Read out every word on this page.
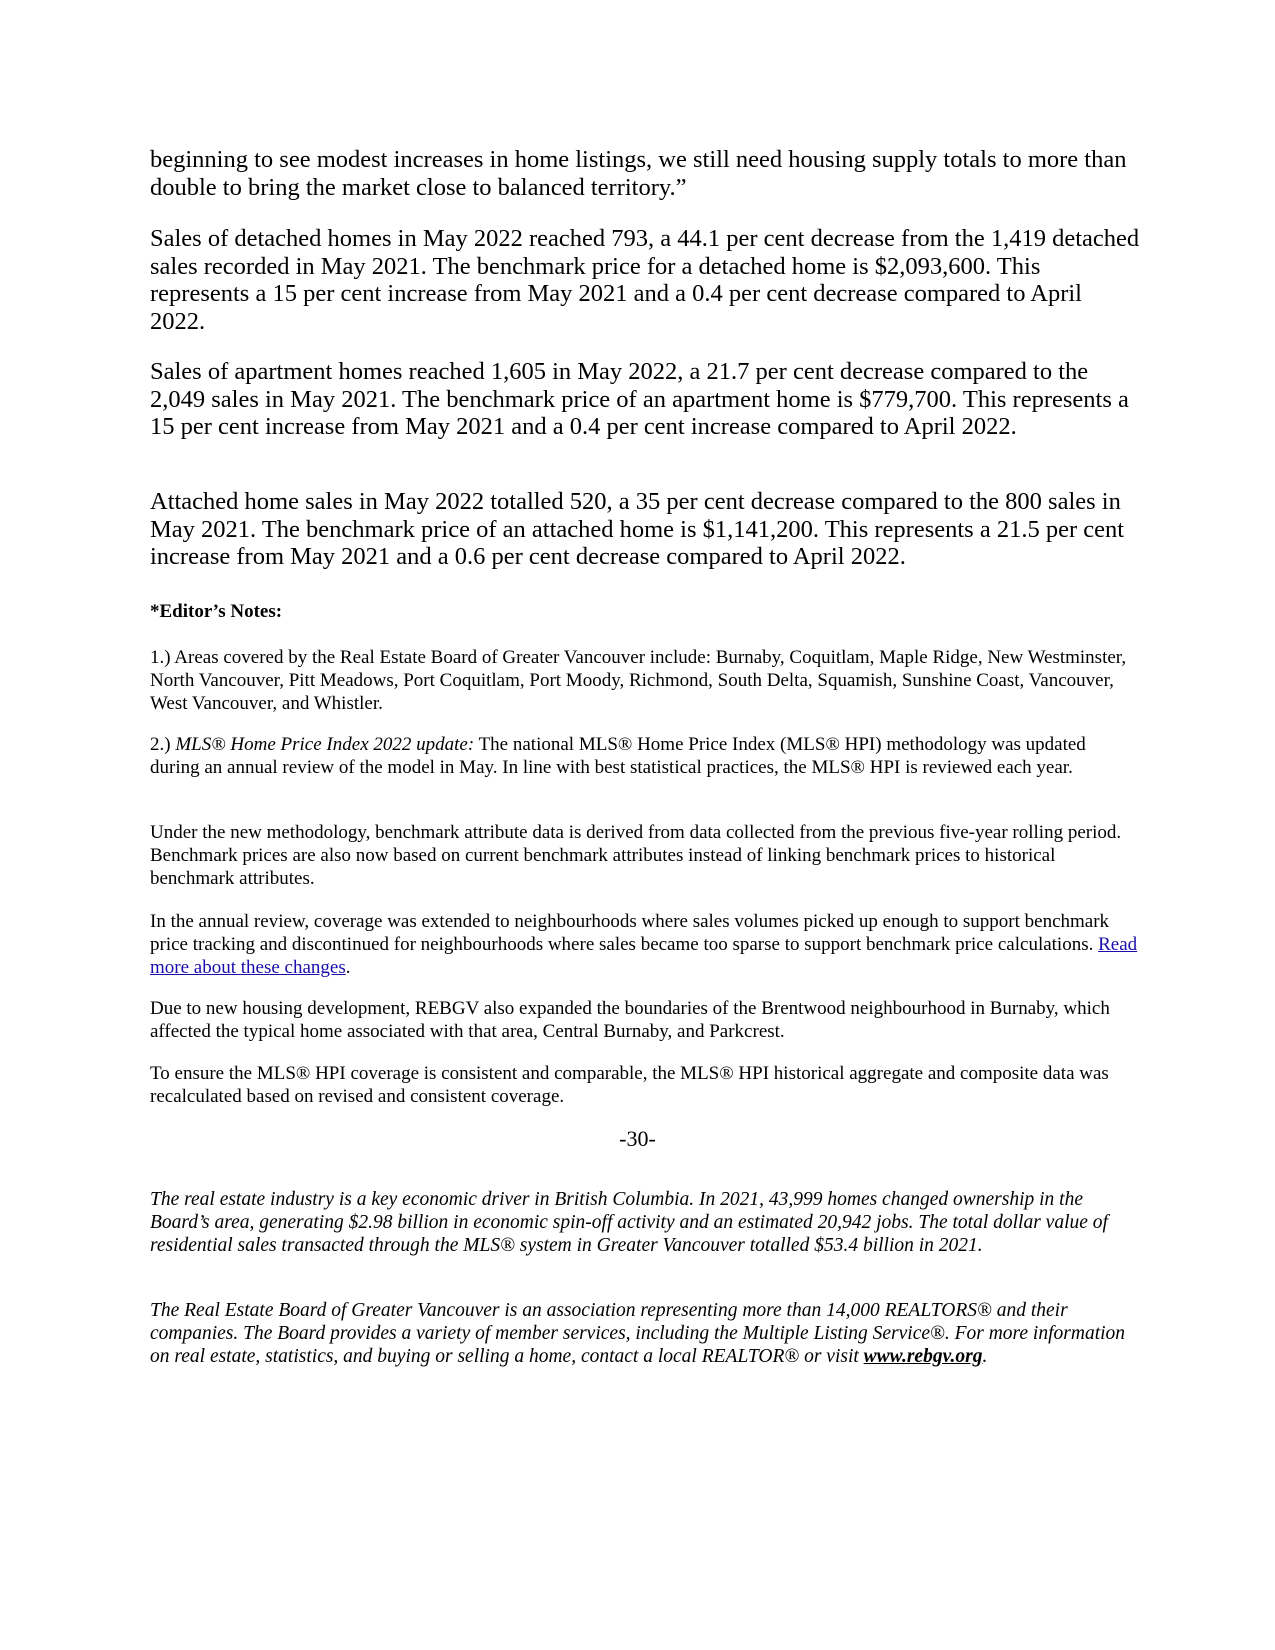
beginning to see modest increases in home listings, we still need housing supply totals to more than double to bring the market close to balanced territory.”

Sales of detached homes in May 2022 reached 793, a 44.1 per cent decrease from the 1,419 detached sales recorded in May 2021. The benchmark price for a detached home is $2,093,600. This represents a 15 per cent increase from May 2021 and a 0.4 per cent decrease compared to April 2022.

Sales of apartment homes reached 1,605 in May 2022, a 21.7 per cent decrease compared to the 2,049 sales in May 2021. The benchmark price of an apartment home is $779,700. This represents a 15 per cent increase from May 2021 and a 0.4 per cent increase compared to April 2022.

Attached home sales in May 2022 totalled 520, a 35 per cent decrease compared to the 800 sales in May 2021. The benchmark price of an attached home is $1,141,200. This represents a 21.5 per cent increase from May 2021 and a 0.6 per cent decrease compared to April 2022.

*Editor’s Notes:

1.) Areas covered by the Real Estate Board of Greater Vancouver include: Burnaby, Coquitlam, Maple Ridge, New Westminster, North Vancouver, Pitt Meadows, Port Coquitlam, Port Moody, Richmond, South Delta, Squamish, Sunshine Coast, Vancouver, West Vancouver, and Whistler.

2.) MLS® Home Price Index 2022 update: The national MLS® Home Price Index (MLS® HPI) methodology was updated during an annual review of the model in May. In line with best statistical practices, the MLS® HPI is reviewed each year.

Under the new methodology, benchmark attribute data is derived from data collected from the previous five-year rolling period. Benchmark prices are also now based on current benchmark attributes instead of linking benchmark prices to historical benchmark attributes.

In the annual review, coverage was extended to neighbourhoods where sales volumes picked up enough to support benchmark price tracking and discontinued for neighbourhoods where sales became too sparse to support benchmark price calculations. Read more about these changes.

Due to new housing development, REBGV also expanded the boundaries of the Brentwood neighbourhood in Burnaby, which affected the typical home associated with that area, Central Burnaby, and Parkcrest.

To ensure the MLS® HPI coverage is consistent and comparable, the MLS® HPI historical aggregate and composite data was recalculated based on revised and consistent coverage.

-30-

The real estate industry is a key economic driver in British Columbia. In 2021, 43,999 homes changed ownership in the Board’s area, generating $2.98 billion in economic spin-off activity and an estimated 20,942 jobs. The total dollar value of residential sales transacted through the MLS® system in Greater Vancouver totalled $53.4 billion in 2021.

The Real Estate Board of Greater Vancouver is an association representing more than 14,000 REALTORS® and their companies. The Board provides a variety of member services, including the Multiple Listing Service®. For more information on real estate, statistics, and buying or selling a home, contact a local REALTOR® or visit www.rebgv.org.
